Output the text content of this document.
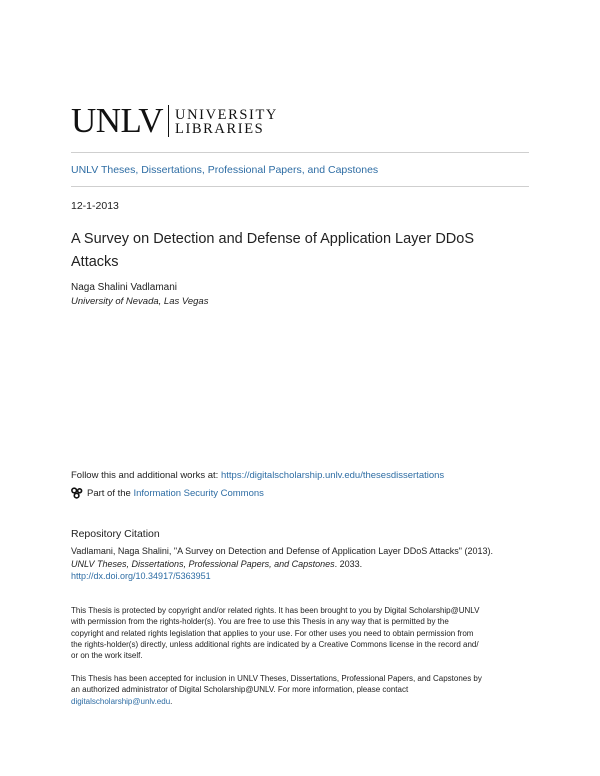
UNLV UNIVERSITY
LIBRARIES
UNLV Theses, Dissertations, Professional Papers, and Capstones
12-1-2013
A Survey on Detection and Defense of Application Layer DDoS
Attacks
Naga Shalini Vadlamani
University of Nevada, Las Vegas
Follow this and additional works at: https://digitalscholarship.unlv.edu/thesesdissertations
Part of the
Information Security Commons
Repository Citation
Vadlamani, Naga Shalini, "A Survey on Detection and Defense of Application Layer DDoS Attacks" (2013).
UNLV Theses, Dissertations, Professional Papers, and Capstones. 2033.
http://dx.doi.org/10.34917/5363951
This Thesis is protected by copyright and/or related rights. It has been brought to you by Digital Scholarship@UNLV
with permission from the rights-holder(s). You are free to use this Thesis in any way that is permitted by the
copyright and related rights legislation that applies to your use. For other uses you need to obtain permission from
the rights-holder(s) directly, unless additional rights are indicated by a Creative Commons license in the record and/
or on the work itself.
This Thesis has been accepted for inclusion in UNLV Theses, Dissertations, Professional Papers, and Capstones by
an authorized administrator of Digital Scholarship@UNLV. For more information, please contact
digitalscholarship@unlv.edu.
